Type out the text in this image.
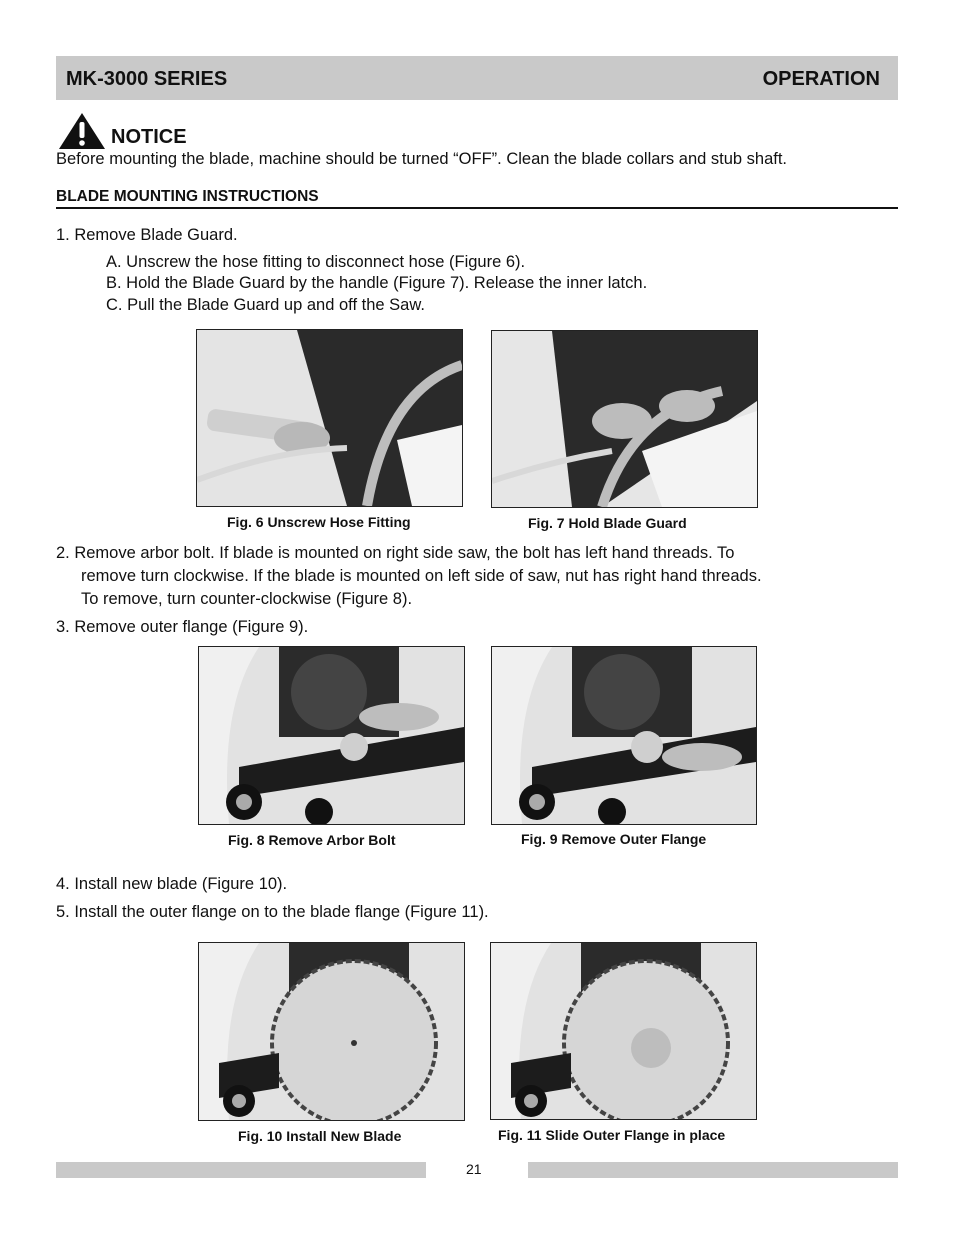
MK-3000 SERIES	OPERATION
NOTICE
Before mounting the blade, machine should be turned “OFF”. Clean the blade collars and stub shaft.
BLADE MOUNTING INSTRUCTIONS
1. Remove Blade Guard.
A. Unscrew the hose fitting to disconnect hose (Figure 6).
B. Hold the Blade Guard by the handle (Figure 7). Release the inner latch.
C. Pull the Blade Guard up and off the Saw.
Fig. 6 Unscrew Hose Fitting	Fig. 7 Hold Blade Guard
2. Remove arbor bolt. If blade is mounted on right side saw, the bolt has left hand threads. To
remove turn clockwise. If the blade is mounted on left side of saw, nut has right hand threads.
To remove, turn counter-clockwise (Figure 8).
3. Remove outer flange (Figure 9).
Fig. 8 Remove Arbor Bolt	Fig. 9 Remove Outer Flange
4. Install new blade (Figure 10).
5. Install the outer flange on to the blade flange (Figure 11).
Fig. 10 Install New Blade	Fig. 11 Slide Outer Flange in place
21
